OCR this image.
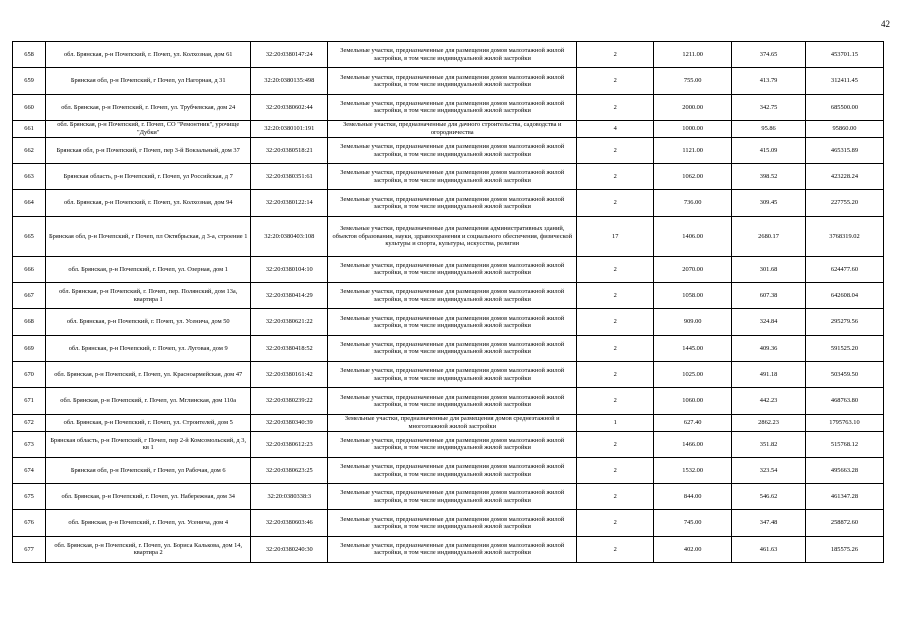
42
658	обл. Брянская, р-н Почепский, г. Почеп, ул. Колхозная, дом 61	32:20:0380147:24	Земельные участки, предназначенные для размещения домов малоэтажной жилой застройки, в том числе индивидуальной жилой застройки	2	1211.00	374.65	453701.15
659	Брянская обл, р-н Почепский, г Почеп, ул Нагорная, д 31	32:20:0380135:498	Земельные участки, предназначенные для размещения домов малоэтажной жилой застройки, в том числе индивидуальной жилой застройки	2	755.00	413.79	312411.45
660	обл. Брянская, р-н Почепский, г. Почеп, ул. Трубчевская, дом 24	32:20:0380602:44	Земельные участки, предназначенные для размещения домов малоэтажной жилой застройки, в том числе индивидуальной жилой застройки	2	2000.00	342.75	685500.00
661	обл. Брянская, р-н Почепский, г. Почеп, СО "Ремонтник", урочище "Дубки"	32:20:0380101:191	Земельные участки, предназначенные для дачного строительства, садоводства и огородничества	4	1000.00	95.86	95860.00
662	Брянская обл, р-н Почепский, г Почеп, пер 3-й Вокзальный, дом 37	32:20:0380518:21	Земельные участки, предназначенные для размещения домов малоэтажной жилой застройки, в том числе индивидуальной жилой застройки	2	1121.00	415.09	465315.89
663	Брянская область, р-н Почепский, г. Почеп, ул Российская, д 7	32:20:0380351:61	Земельные участки, предназначенные для размещения домов малоэтажной жилой застройки, в том числе индивидуальной жилой застройки	2	1062.00	398.52	423228.24
664	обл. Брянская, р-н Почепский, г. Почеп, ул. Колхозная, дом 94	32:20:0380122:14	Земельные участки, предназначенные для размещения домов малоэтажной жилой застройки, в том числе индивидуальной жилой застройки	2	736.00	309.45	227755.20
665	Брянская обл, р-н Почепский, г Почеп, пл Октябрьская, д 3-а, строение 1	32:20:0380403:108	Земельные участки, предназначенные для размещения административных зданий, объектов образования, науки, здравоохранения и социального обеспечения, физической культуры и спорта, культуры, искусства, религии	17	1406.00	2680.17	3768319.02
666	обл. Брянская, р-н Почепский, г. Почеп, ул. Озерная, дом 1	32:20:0380104:10	Земельные участки, предназначенные для размещения домов малоэтажной жилой застройки, в том числе индивидуальной жилой застройки	2	2070.00	301.68	624477.60
667	обл. Брянская, р-н Почепский, г. Почеп, пер. Полянский, дом 13а, квартира 1	32:20:0380414:29	Земельные участки, предназначенные для размещения домов малоэтажной жилой застройки, в том числе индивидуальной жилой застройки	2	1058.00	607.38	642608.04
668	обл. Брянская, р-н Почепский, г. Почеп, ул. Усенича, дом 50	32:20:0380621:22	Земельные участки, предназначенные для размещения домов малоэтажной жилой застройки, в том числе индивидуальной жилой застройки	2	909.00	324.84	295279.56
669	обл. Брянская, р-н Почепский, г. Почеп, ул. Луговая, дом 9	32:20:0380418:52	Земельные участки, предназначенные для размещения домов малоэтажной жилой застройки, в том числе индивидуальной жилой застройки	2	1445.00	409.36	591525.20
670	обл. Брянская, р-н Почепский, г. Почеп, ул. Красноармейская, дом 47	32:20:0380161:42	Земельные участки, предназначенные для размещения домов малоэтажной жилой застройки, в том числе индивидуальной жилой застройки	2	1025.00	491.18	503459.50
671	обл. Брянская, р-н Почепский, г. Почеп, ул. Мглинская, дом 110а	32:20:0380239:22	Земельные участки, предназначенные для размещения домов малоэтажной жилой застройки, в том числе индивидуальной жилой застройки	2	1060.00	442.23	468763.80
672	обл. Брянская, р-н Почепский, г. Почеп, ул. Строителей, дом 5	32:20:0380340:39	Земельные участки, предназначенные для размещения домов среднеэтажной и многоэтажной жилой застройки	1	627.40	2862.23	1795763.10
673	Брянская область, р-н Почепский, г Почеп, пер 2-й Комсомольский, д 3, кв 1	32:20:0380612:23	Земельные участки, предназначенные для размещения домов малоэтажной жилой застройки, в том числе индивидуальной жилой застройки	2	1466.00	351.82	515768.12
674	Брянская обл, р-н Почепский, г Почеп, ул Рабочая, дом 6	32:20:0380623:25	Земельные участки, предназначенные для размещения домов малоэтажной жилой застройки, в том числе индивидуальной жилой застройки	2	1532.00	323.54	495663.28
675	обл. Брянская, р-н Почепский, г. Почеп, ул. Набережная, дом 34	32:20:0380338:3	Земельные участки, предназначенные для размещения домов малоэтажной жилой застройки, в том числе индивидуальной жилой застройки	2	844.00	546.62	461347.28
676	обл. Брянская, р-н Почепский, г. Почеп, ул. Усенича, дом 4	32:20:0380603:46	Земельные участки, предназначенные для размещения домов малоэтажной жилой застройки, в том числе индивидуальной жилой застройки	2	745.00	347.48	258872.60
677	обл. Брянская, р-н Почепский, г. Почеп, ул. Бориса Калькова, дом 14, квартира 2	32:20:0380240:30	Земельные участки, предназначенные для размещения домов малоэтажной жилой застройки, в том числе индивидуальной жилой застройки	2	402.00	461.63	185575.26
